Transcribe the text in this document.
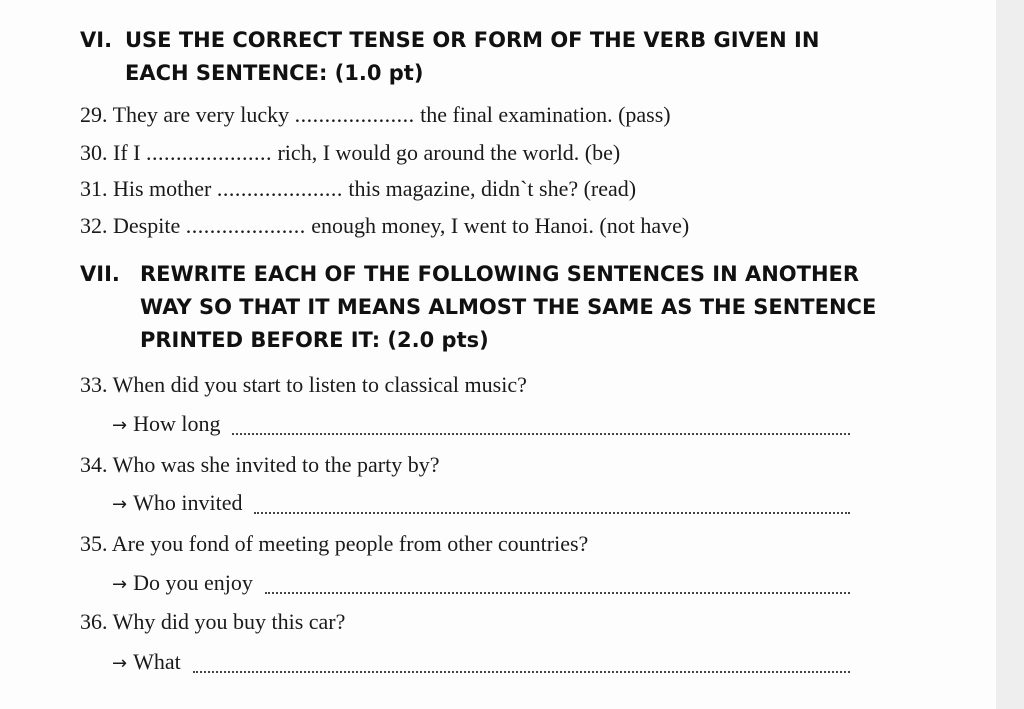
VI. USE THE CORRECT TENSE OR FORM OF THE VERB GIVEN IN
EACH SENTENCE: (1.0 pt)

29. They are very lucky .................... the final examination. (pass)

30. If I ..................... rich, I would go around the world. (be)

31. His mother ..................... this magazine, didn`t she? (read)

32. Despite .................... enough money, I went to Hanoi. (not have)

VII. REWRITE EACH OF THE FOLLOWING SENTENCES IN ANOTHER
WAY SO THAT IT MEANS ALMOST THE SAME AS THE SENTENCE
PRINTED BEFORE IT: (2.0 pts)

33. When did you start to listen to classical music?

→ How long

34. Who was she invited to the party by?

→ Who invited

35. Are you fond of meeting people from other countries?

→ Do you enjoy

36. Why did you buy this car?

→ What
